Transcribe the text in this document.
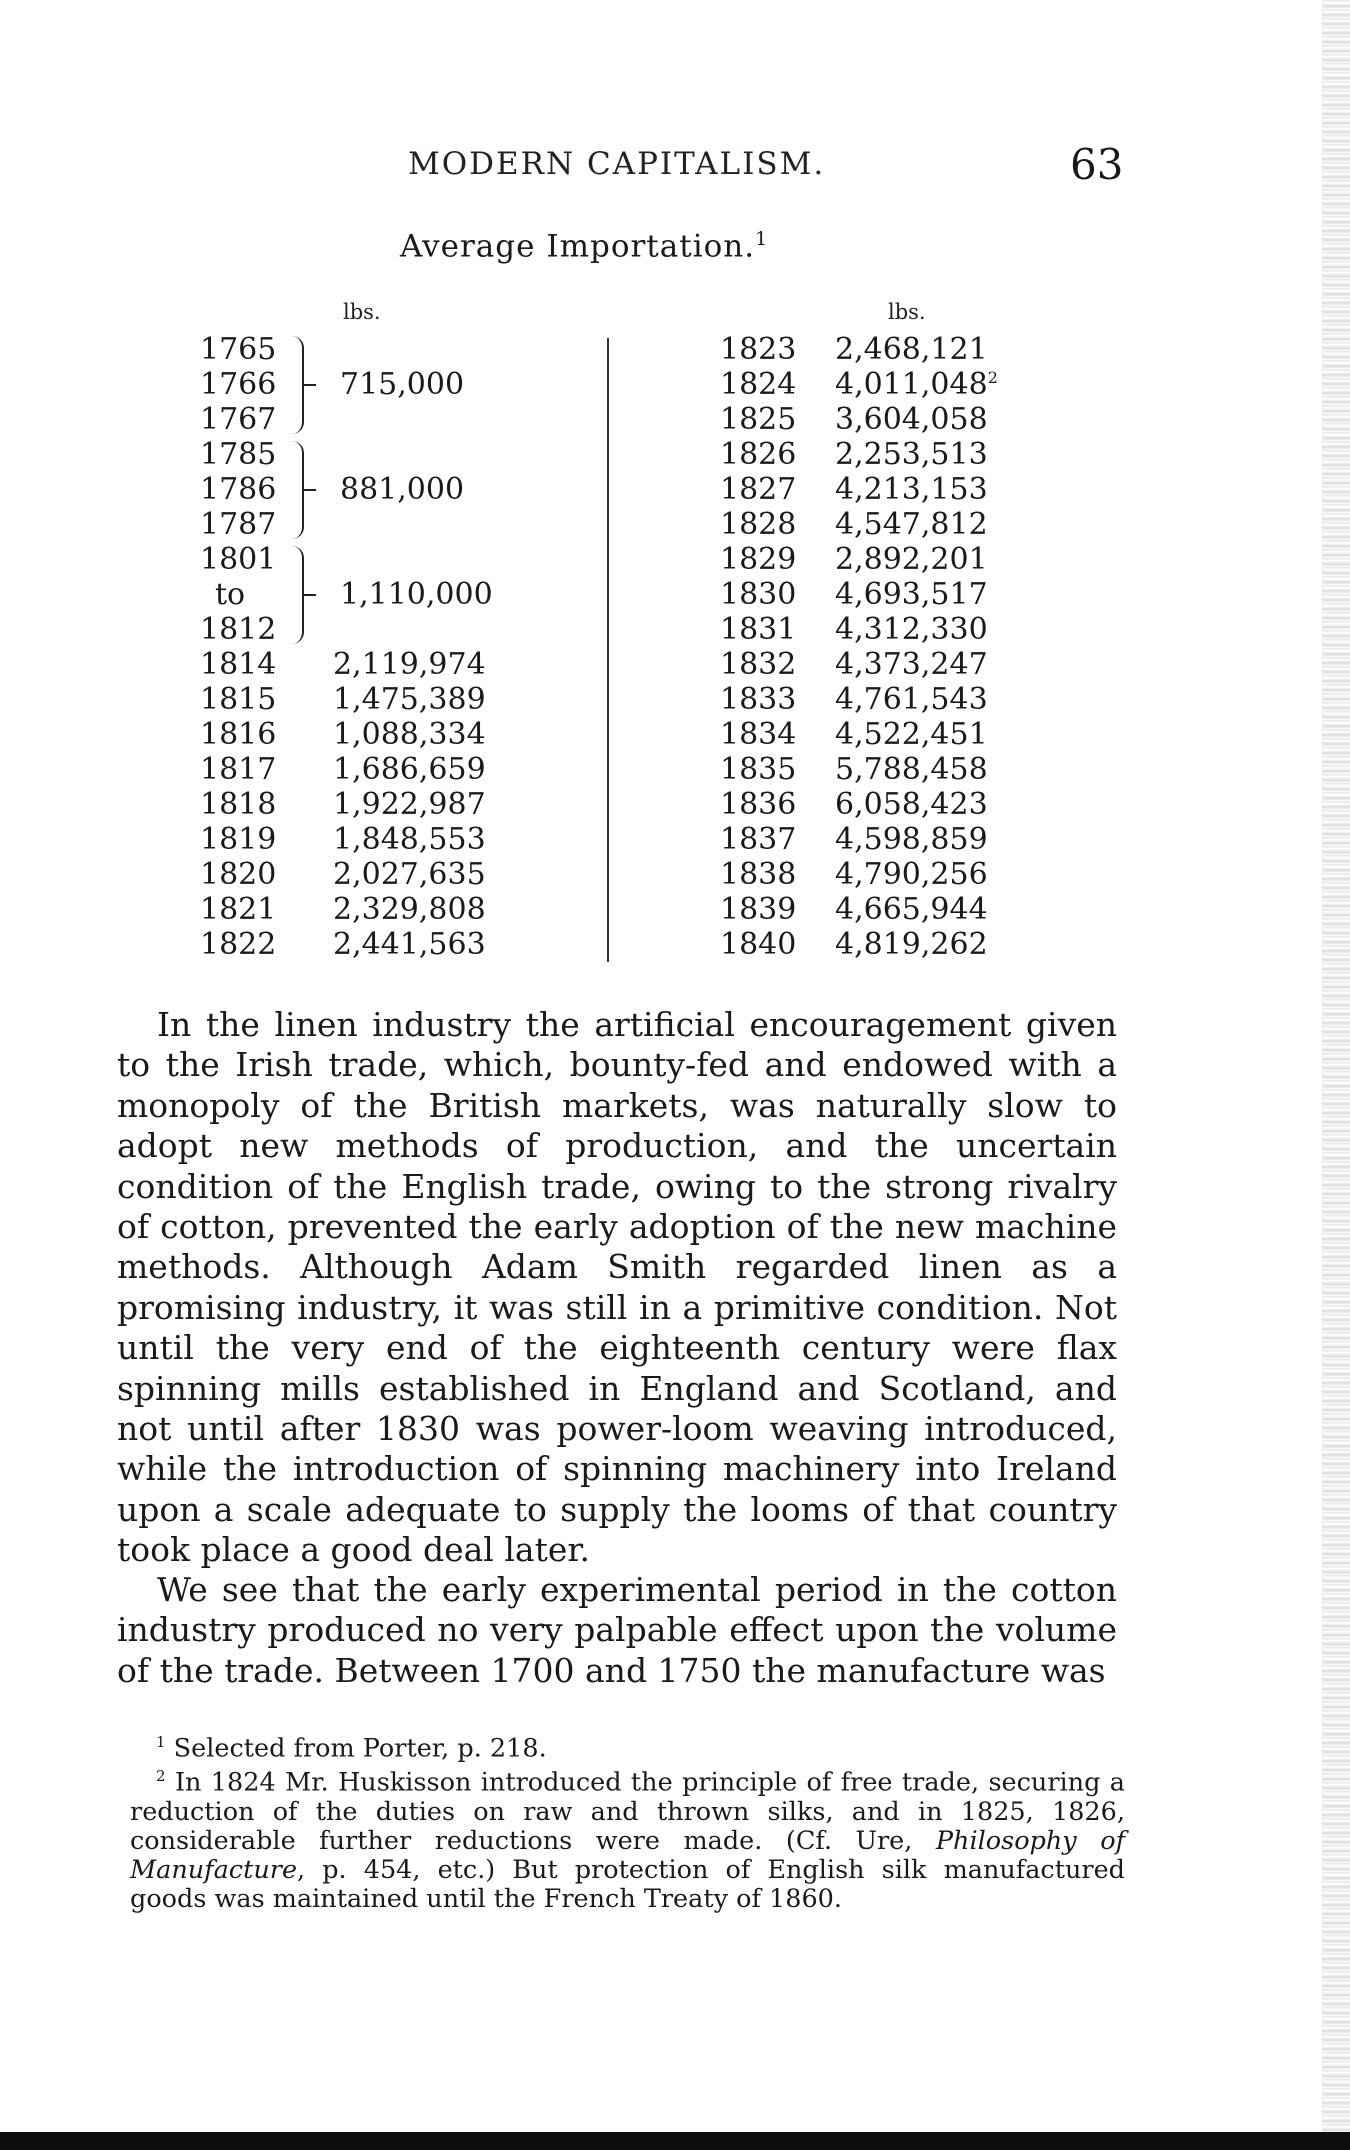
MODERN CAPITALISM.	63
Average Importation.$^1$
lbs.	lbs.
1765
1766
1767
715,000
1785
1786
1787
881,000
1801
to
1812
1,110,000
1814 2,119,974
1815 1,475,389
1816 1,088,334
1817 1,686,659
1818 1,922,987
1819 1,848,553
1820 2,027,635
1821 2,329,808
1822 2,441,563
1823 2,468,121
1824 4,011,048$^2$
1825 3,604,058
1826 2,253,513
1827 4,213,153
1828 4,547,812
1829 2,892,201
1830 4,693,517
1831 4,312,330
1832 4,373,247
1833 4,761,543
1834 4,522,451
1835 5,788,458
1836 6,058,423
1837 4,598,859
1838 4,790,256
1839 4,665,944
1840 4,819,262

In the linen industry the artificial encouragement given to the Irish trade, which, bounty-fed and endowed with a monopoly of the British markets, was naturally slow to adopt new methods of production, and the uncertain condition of the English trade, owing to the strong rivalry of cotton, prevented the early adoption of the new machine methods. Although Adam Smith regarded linen as a promising industry, it was still in a primitive condition. Not until the very end of the eighteenth century were flax spinning mills established in England and Scotland, and not until after 1830 was power-loom weaving introduced, while the introduction of spinning machinery into Ireland upon a scale adequate to supply the looms of that country took place a good deal later.

We see that the early experimental period in the cotton industry produced no very palpable effect upon the volume of the trade. Between 1700 and 1750 the manufacture was

$^1$ Selected from Porter, p. 218.

$^2$ In 1824 Mr. Huskisson introduced the principle of free trade, securing a reduction of the duties on raw and thrown silks, and in 1825, 1826, considerable further reductions were made. (Cf. Ure, Philosophy of Manufacture, p. 454, etc.) But protection of English silk manufactured goods was maintained until the French Treaty of 1860.
